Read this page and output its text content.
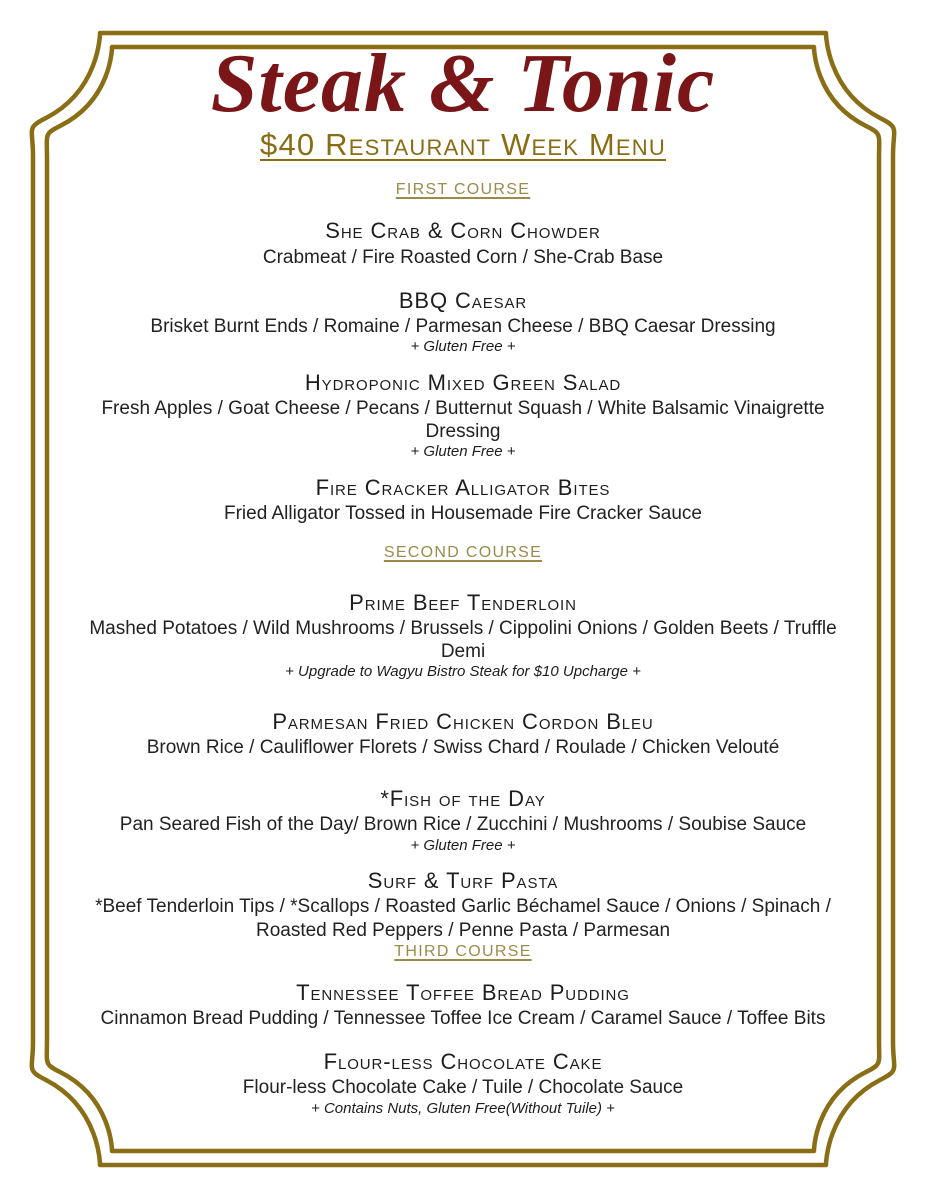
Steak & Tonic
$40 Restaurant Week Menu
FIRST COURSE
She Crab & Corn Chowder
Crabmeat / Fire Roasted Corn / She-Crab Base
BBQ Caesar
Brisket Burnt Ends / Romaine / Parmesan Cheese / BBQ Caesar Dressing
+ Gluten Free +
Hydroponic Mixed Green Salad
Fresh Apples / Goat Cheese / Pecans / Butternut Squash / White Balsamic Vinaigrette Dressing
+ Gluten Free +
Fire Cracker Alligator Bites
Fried Alligator Tossed in Housemade Fire Cracker Sauce
SECOND COURSE
Prime Beef Tenderloin
Mashed Potatoes / Wild Mushrooms / Brussels / Cippolini Onions / Golden Beets / Truffle Demi
+ Upgrade to Wagyu Bistro Steak for $10 Upcharge +
Parmesan Fried Chicken Cordon Bleu
Brown Rice / Cauliflower Florets / Swiss Chard / Roulade / Chicken Velouté
*Fish of the Day
Pan Seared Fish of the Day/ Brown Rice / Zucchini / Mushrooms / Soubise Sauce
+ Gluten Free +
Surf & Turf Pasta
*Beef Tenderloin Tips / *Scallops / Roasted Garlic Béchamel Sauce / Onions / Spinach / Roasted Red Peppers / Penne Pasta / Parmesan
THIRD COURSE
Tennessee Toffee Bread Pudding
Cinnamon Bread Pudding / Tennessee Toffee Ice Cream / Caramel Sauce / Toffee Bits
Flour-less Chocolate Cake
Flour-less Chocolate Cake / Tuile / Chocolate Sauce
+ Contains Nuts, Gluten Free(Without Tuile) +
